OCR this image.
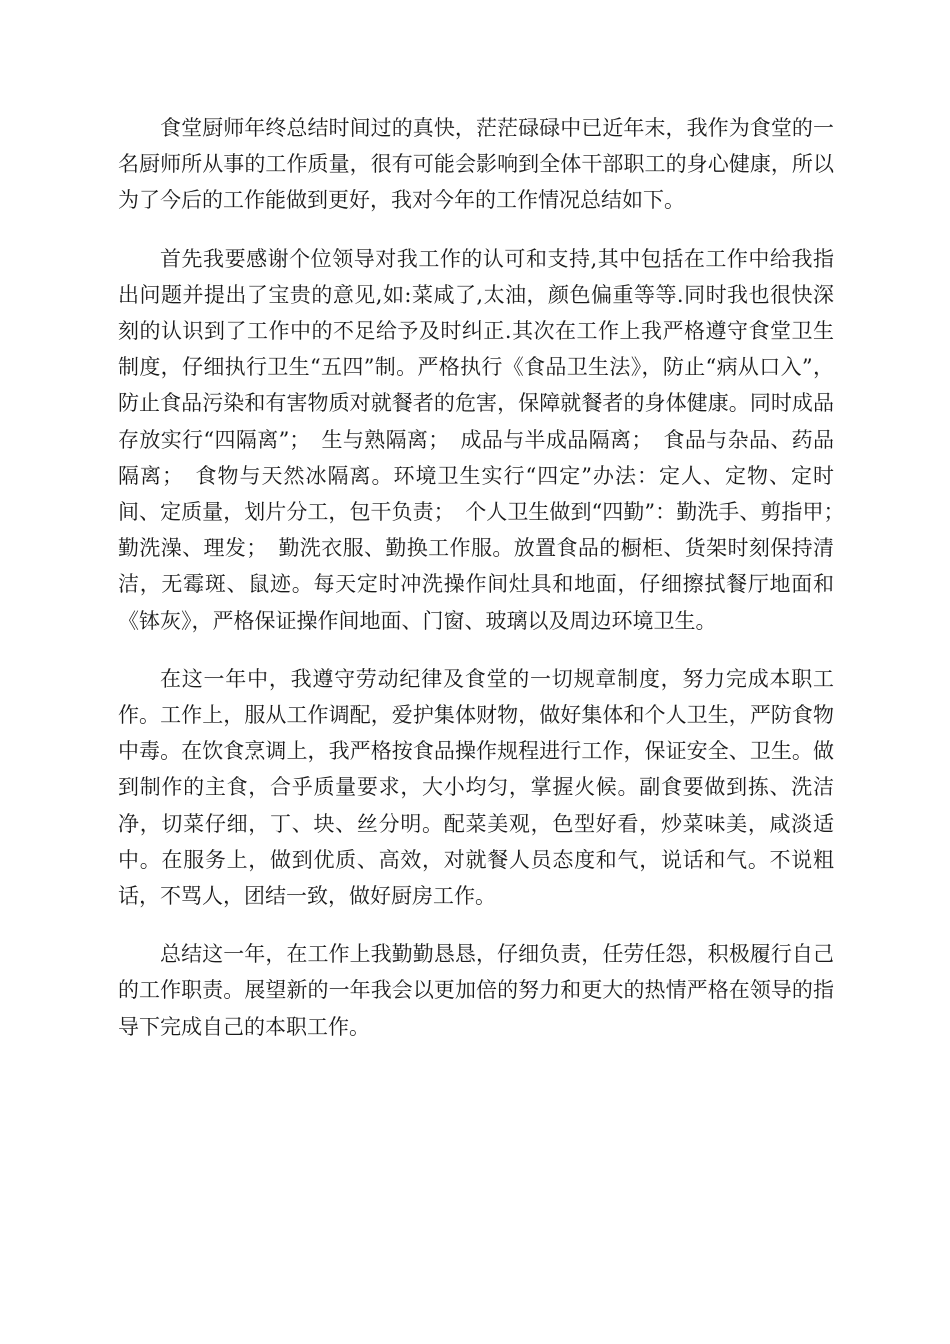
食堂厨师年终总结时间过的真快，茫茫碌碌中已近年末，我作为食堂的一名厨师所从事的工作质量，很有可能会影响到全体干部职工的身心健康，所以为了今后的工作能做到更好，我对今年的工作情况总结如下。

首先我要感谢个位领导对我工作的认可和支持,其中包括在工作中给我指出问题并提出了宝贵的意见,如:菜咸了,太油，颜色偏重等等.同时我也很快深刻的认识到了工作中的不足给予及时纠正.其次在工作上我严格遵守食堂卫生制度，仔细执行卫生“五四”制。严格执行《食品卫生法》，防止“病从口入”，防止食品污染和有害物质对就餐者的危害，保障就餐者的身体健康。同时成品存放实行“四隔离”；　生与熟隔离；　成品与半成品隔离；　食品与杂品、药品隔离；　食物与天然冰隔离。环境卫生实行“四定”办法：定人、定物、定时间、定质量，划片分工，包干负责；　个人卫生做到“四勤”：勤洗手、剪指甲；　勤洗澡、理发；　勤洗衣服、勤换工作服。放置食品的橱柜、货架时刻保持清洁，无霉斑、鼠迹。每天定时冲洗操作间灶具和地面，仔细擦拭餐厅地面和《钵灰》，严格保证操作间地面、门窗、玻璃以及周边环境卫生。

在这一年中，我遵守劳动纪律及食堂的一切规章制度，努力完成本职工作。工作上，服从工作调配，爱护集体财物，做好集体和个人卫生，严防食物中毒。在饮食烹调上，我严格按食品操作规程进行工作，保证安全、卫生。做到制作的主食，合乎质量要求，大小均匀，掌握火候。副食要做到拣、洗洁净，切菜仔细，丁、块、丝分明。配菜美观，色型好看，炒菜味美，咸淡适中。在服务上，做到优质、高效，对就餐人员态度和气，说话和气。不说粗话，不骂人，团结一致，做好厨房工作。

总结这一年，在工作上我勤勤恳恳，仔细负责，任劳任怨，积极履行自己的工作职责。展望新的一年我会以更加倍的努力和更大的热情严格在领导的指导下完成自己的本职工作。
